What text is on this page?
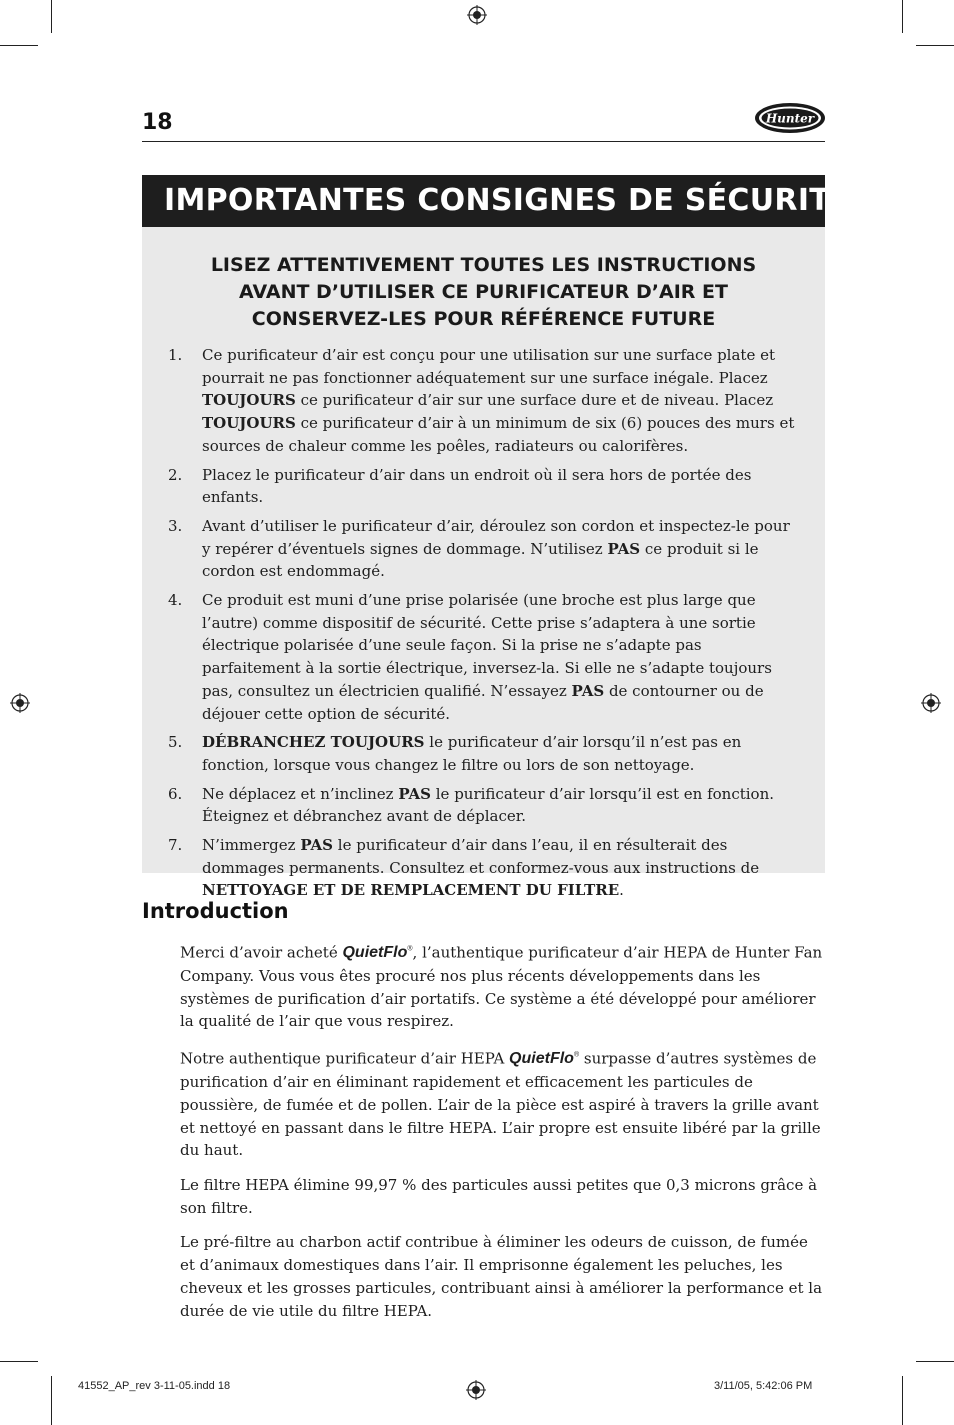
18	Hunter
IMPORTANTES CONSIGNES DE SÉCURITÉ
LISEZ ATTENTIVEMENT TOUTES LES INSTRUCTIONS
AVANT D’UTILISER CE PURIFICATEUR D’AIR ET
CONSERVEZ-LES POUR RÉFÉRENCE FUTURE
1. Ce purificateur d’air est conçu pour une utilisation sur une surface plate et pourrait ne pas fonctionner adéquatement sur une surface inégale. Placez TOUJOURS ce purificateur d’air sur une surface dure et de niveau. Placez TOUJOURS ce purificateur d’air à un minimum de six (6) pouces des murs et sources de chaleur comme les poêles, radiateurs ou calorifères.
2. Placez le purificateur d’air dans un endroit où il sera hors de portée des enfants.
3. Avant d’utiliser le purificateur d’air, déroulez son cordon et inspectez-le pour y repérer d’éventuels signes de dommage. N’utilisez PAS ce produit si le cordon est endommagé.
4. Ce produit est muni d’une prise polarisée (une broche est plus large que l’autre) comme dispositif de sécurité. Cette prise s’adaptera à une sortie électrique polarisée d’une seule façon. Si la prise ne s’adapte pas parfaitement à la sortie électrique, inversez-la. Si elle ne s’adapte toujours pas, consultez un électricien qualifié. N’essayez PAS de contourner ou de déjouer cette option de sécurité.
5. DÉBRANCHEZ TOUJOURS le purificateur d’air lorsqu’il n’est pas en fonction, lorsque vous changez le filtre ou lors de son nettoyage.
6. Ne déplacez et n’inclinez PAS le purificateur d’air lorsqu’il est en fonction. Éteignez et débranchez avant de déplacer.
7. N’immergez PAS le purificateur d’air dans l’eau, il en résulterait des dommages permanents. Consultez et conformez-vous aux instructions de NETTOYAGE ET DE REMPLACEMENT DU FILTRE.
Introduction

Merci d’avoir acheté QuietFlo®, l’authentique purificateur d’air HEPA de Hunter Fan Company. Vous vous êtes procuré nos plus récents développements dans les systèmes de purification d’air portatifs. Ce système a été développé pour améliorer la qualité de l’air que vous respirez.

Notre authentique purificateur d’air HEPA QuietFlo® surpasse d’autres systèmes de purification d’air en éliminant rapidement et efficacement les particules de poussière, de fumée et de pollen. L’air de la pièce est aspiré à travers la grille avant et nettoyé en passant dans le filtre HEPA. L’air propre est ensuite libéré par la grille du haut.

Le filtre HEPA élimine 99,97 % des particules aussi petites que 0,3 microns grâce à son filtre.

Le pré-filtre au charbon actif contribue à éliminer les odeurs de cuisson, de fumée et d’animaux domestiques dans l’air. Il emprisonne également les peluches, les cheveux et les grosses particules, contribuant ainsi à améliorer la performance et la durée de vie utile du filtre HEPA.

41552_AP_rev 3-11-05.indd 18	3/11/05, 5:42:06 PM
